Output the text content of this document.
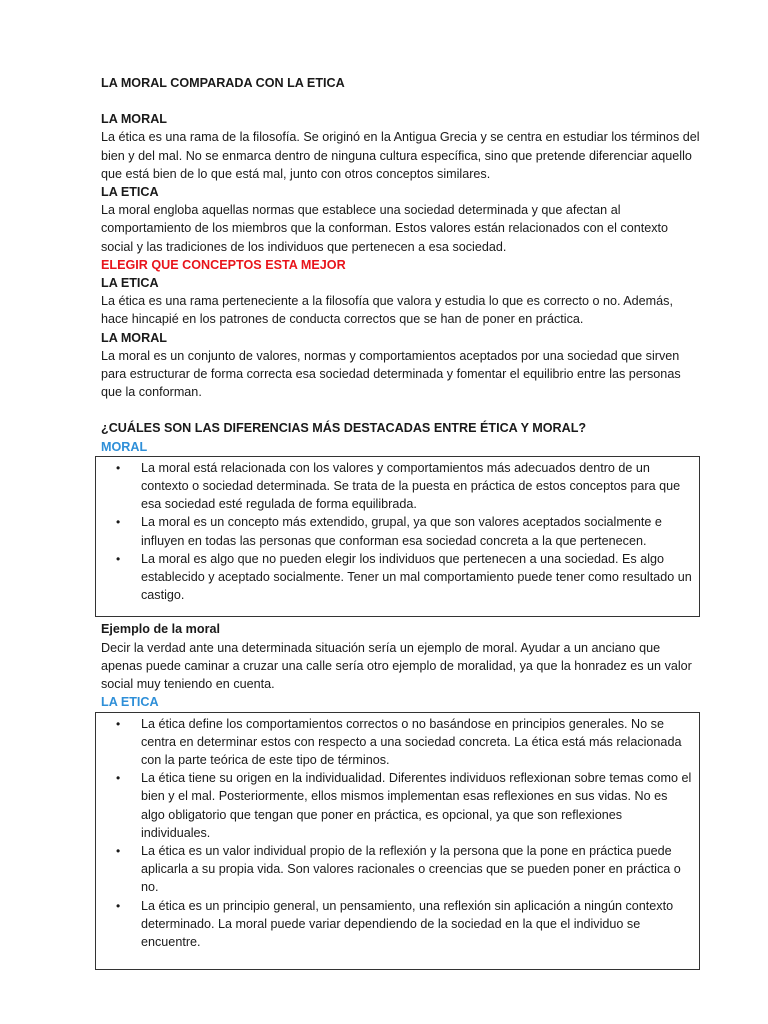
LA MORAL COMPARADA CON LA ETICA

LA MORAL

La ética es una rama de la filosofía. Se originó en la Antigua Grecia y se centra en estudiar los términos del bien y del mal. No se enmarca dentro de ninguna cultura específica, sino que pretende diferenciar aquello que está bien de lo que está mal, junto con otros conceptos similares.

LA ETICA

La moral engloba aquellas normas que establece una sociedad determinada y que afectan al comportamiento de los miembros que la conforman. Estos valores están relacionados con el contexto social y las tradiciones de los individuos que pertenecen a esa sociedad.

ELEGIR QUE CONCEPTOS ESTA MEJOR

LA ETICA

La ética es una rama perteneciente a la filosofía que valora y estudia lo que es correcto o no. Además, hace hincapié en los patrones de conducta correctos que se han de poner en práctica.

LA MORAL

La moral es un conjunto de valores, normas y comportamientos aceptados por una sociedad que sirven para estructurar de forma correcta esa sociedad determinada y fomentar el equilibrio entre las personas que la conforman.

¿CUÁLES SON LAS DIFERENCIAS MÁS DESTACADAS ENTRE ÉTICA Y MORAL?

MORAL

•	La moral está relacionada con los valores y comportamientos más adecuados dentro de un contexto o sociedad determinada. Se trata de la puesta en práctica de estos conceptos para que esa sociedad esté regulada de forma equilibrada.
•	La moral es un concepto más extendido, grupal, ya que son valores aceptados socialmente e influyen en todas las personas que conforman esa sociedad concreta a la que pertenecen.
•	La moral es algo que no pueden elegir los individuos que pertenecen a una sociedad. Es algo establecido y aceptado socialmente. Tener un mal comportamiento puede tener como resultado un castigo.

Ejemplo de la moral

Decir la verdad ante una determinada situación sería un ejemplo de moral. Ayudar a un anciano que apenas puede caminar a cruzar una calle sería otro ejemplo de moralidad, ya que la honradez es un valor social muy teniendo en cuenta.

LA ETICA

•	La ética define los comportamientos correctos o no basándose en principios generales. No se centra en determinar estos con respecto a una sociedad concreta. La ética está más relacionada con la parte teórica de este tipo de términos.
•	La ética tiene su origen en la individualidad. Diferentes individuos reflexionan sobre temas como el bien y el mal. Posteriormente, ellos mismos implementan esas reflexiones en sus vidas. No es algo obligatorio que tengan que poner en práctica, es opcional, ya que son reflexiones individuales.
•	La ética es un valor individual propio de la reflexión y la persona que la pone en práctica puede aplicarla a su propia vida. Son valores racionales o creencias que se pueden poner en práctica o no.
•	La ética es un principio general, un pensamiento, una reflexión sin aplicación a ningún contexto determinado. La moral puede variar dependiendo de la sociedad en la que el individuo se encuentre.
